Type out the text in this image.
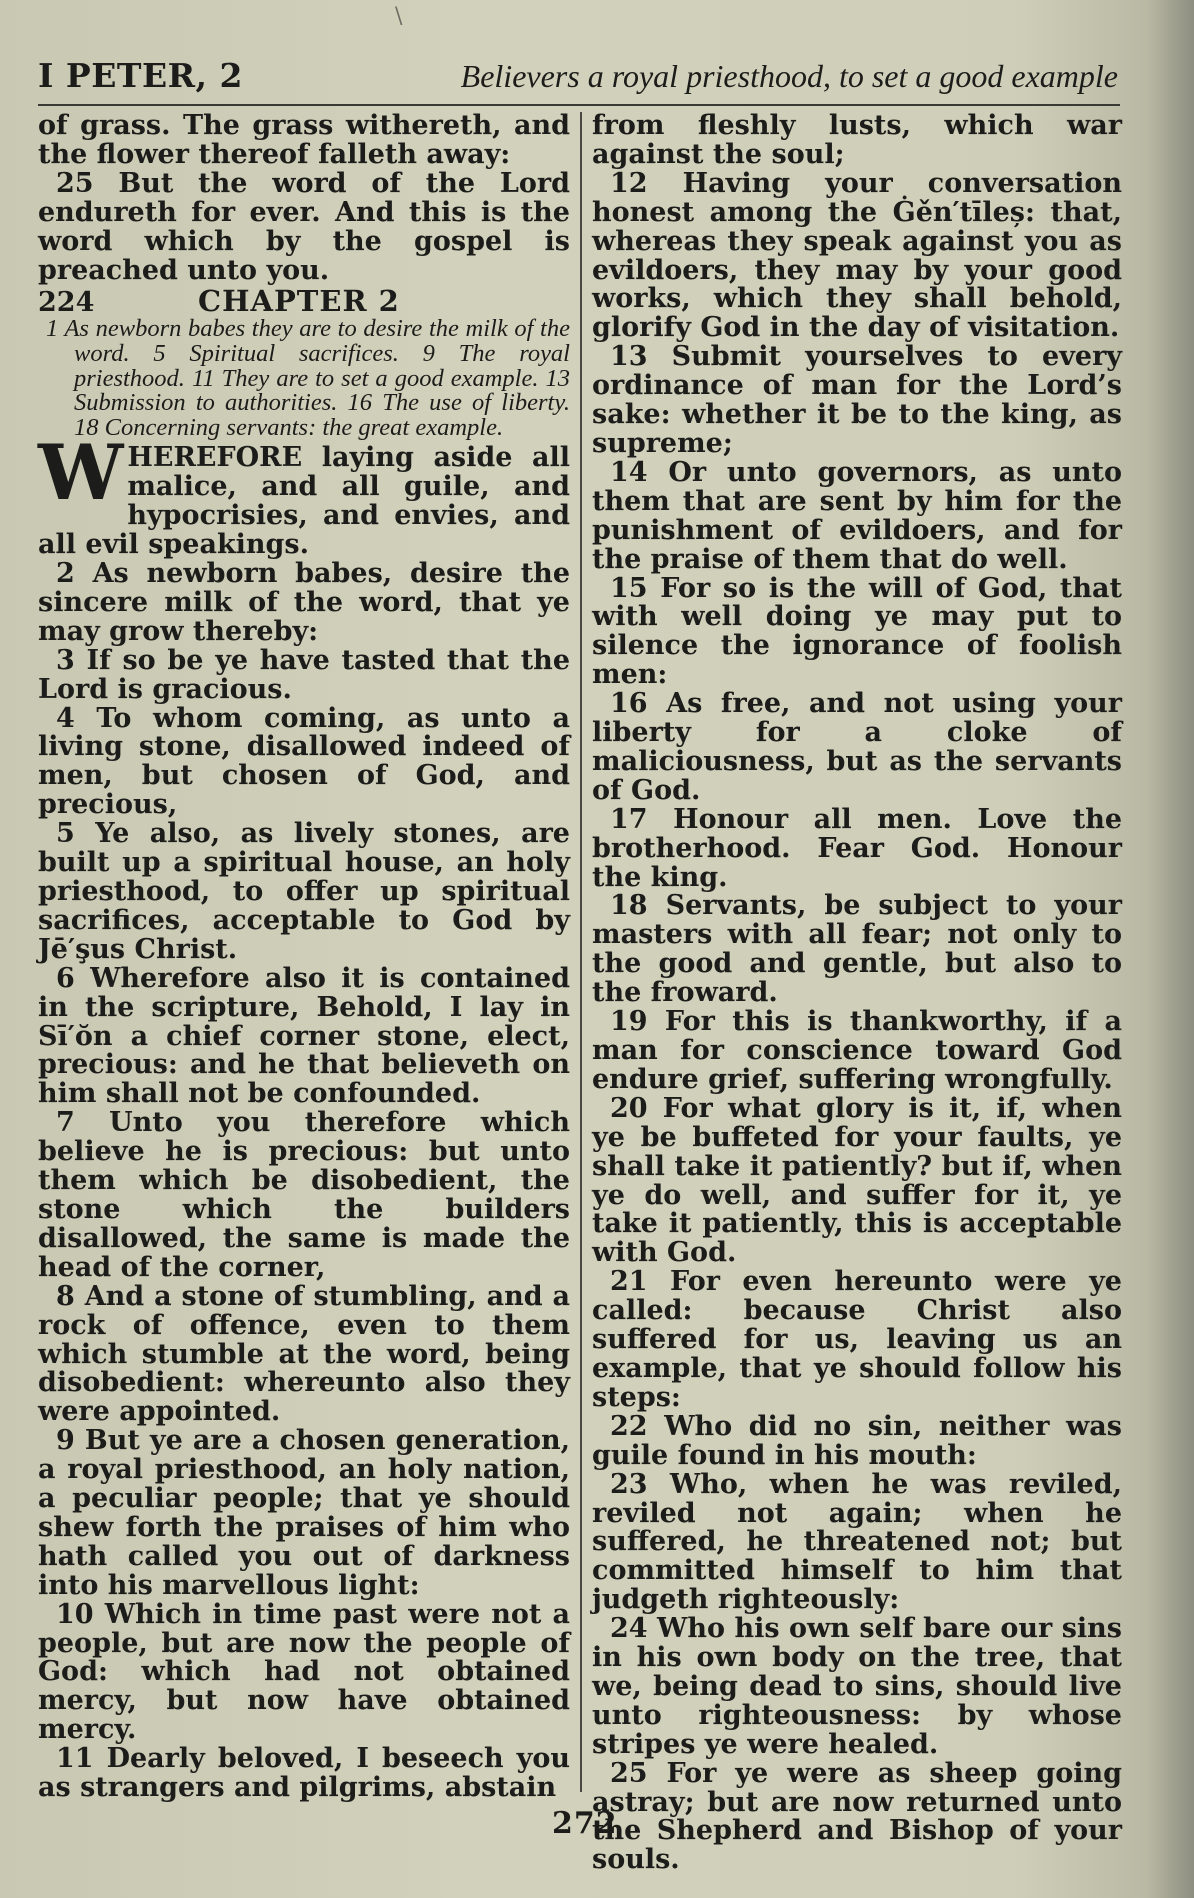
\
I PETER, 2	Believers a royal priesthood, to set a good example

of grass. The grass withereth, and the flower thereof falleth away:

25 But the word of the Lord endureth for ever. And this is the word which by the gospel is preached unto you.

224	CHAPTER 2

1 As newborn babes they are to desire the milk of the word. 5 Spiritual sacrifices. 9 The royal priesthood. 11 They are to set a good example. 13 Submission to authorities. 16 The use of liberty. 18 Concerning servants: the great example.

WHEREFORE laying aside all malice, and all guile, and hypocrisies, and envies, and all evil speakings.

2 As newborn babes, desire the sincere milk of the word, that ye may grow thereby:

3 If so be ye have tasted that the Lord is gracious.

4 To whom coming, as unto a living stone, disallowed indeed of men, but chosen of God, and precious,

5 Ye also, as lively stones, are built up a spiritual house, an holy priesthood, to offer up spiritual sacrifices, acceptable to God by Jē′şus Christ.

6 Wherefore also it is contained in the scripture, Behold, I lay in Sī′ŏn a chief corner stone, elect, precious: and he that believeth on him shall not be confounded.

7 Unto you therefore which believe he is precious: but unto them which be disobedient, the stone which the builders disallowed, the same is made the head of the corner,

8 And a stone of stumbling, and a rock of offence, even to them which stumble at the word, being disobedient: whereunto also they were appointed.

9 But ye are a chosen generation, a royal priesthood, an holy nation, a peculiar people; that ye should shew forth the praises of him who hath called you out of darkness into his marvellous light:

10 Which in time past were not a people, but are now the people of God: which had not obtained mercy, but now have obtained mercy.

11 Dearly beloved, I beseech you as strangers and pilgrims, abstain

from fleshly lusts, which war against the soul;

12 Having your conversation honest among the Ġěn′tīleș: that, whereas they speak against you as evildoers, they may by your good works, which they shall behold, glorify God in the day of visitation.

13 Submit yourselves to every ordinance of man for the Lord’s sake: whether it be to the king, as supreme;

14 Or unto governors, as unto them that are sent by him for the punishment of evildoers, and for the praise of them that do well.

15 For so is the will of God, that with well doing ye may put to silence the ignorance of foolish men:

16 As free, and not using your liberty for a cloke of maliciousness, but as the servants of God.

17 Honour all men. Love the brotherhood. Fear God. Honour the king.

18 Servants, be subject to your masters with all fear; not only to the good and gentle, but also to the froward.

19 For this is thankworthy, if a man for conscience toward God endure grief, suffering wrongfully.

20 For what glory is it, if, when ye be buffeted for your faults, ye shall take it patiently? but if, when ye do well, and suffer for it, ye take it patiently, this is acceptable with God.

21 For even hereunto were ye called: because Christ also suffered for us, leaving us an example, that ye should follow his steps:

22 Who did no sin, neither was guile found in his mouth:

23 Who, when he was reviled, reviled not again; when he suffered, he threatened not; but committed himself to him that judgeth righteously:

24 Who his own self bare our sins in his own body on the tree, that we, being dead to sins, should live unto righteousness: by whose stripes ye were healed.

25 For ye were as sheep going astray; but are now returned unto the Shepherd and Bishop of your souls.

272
